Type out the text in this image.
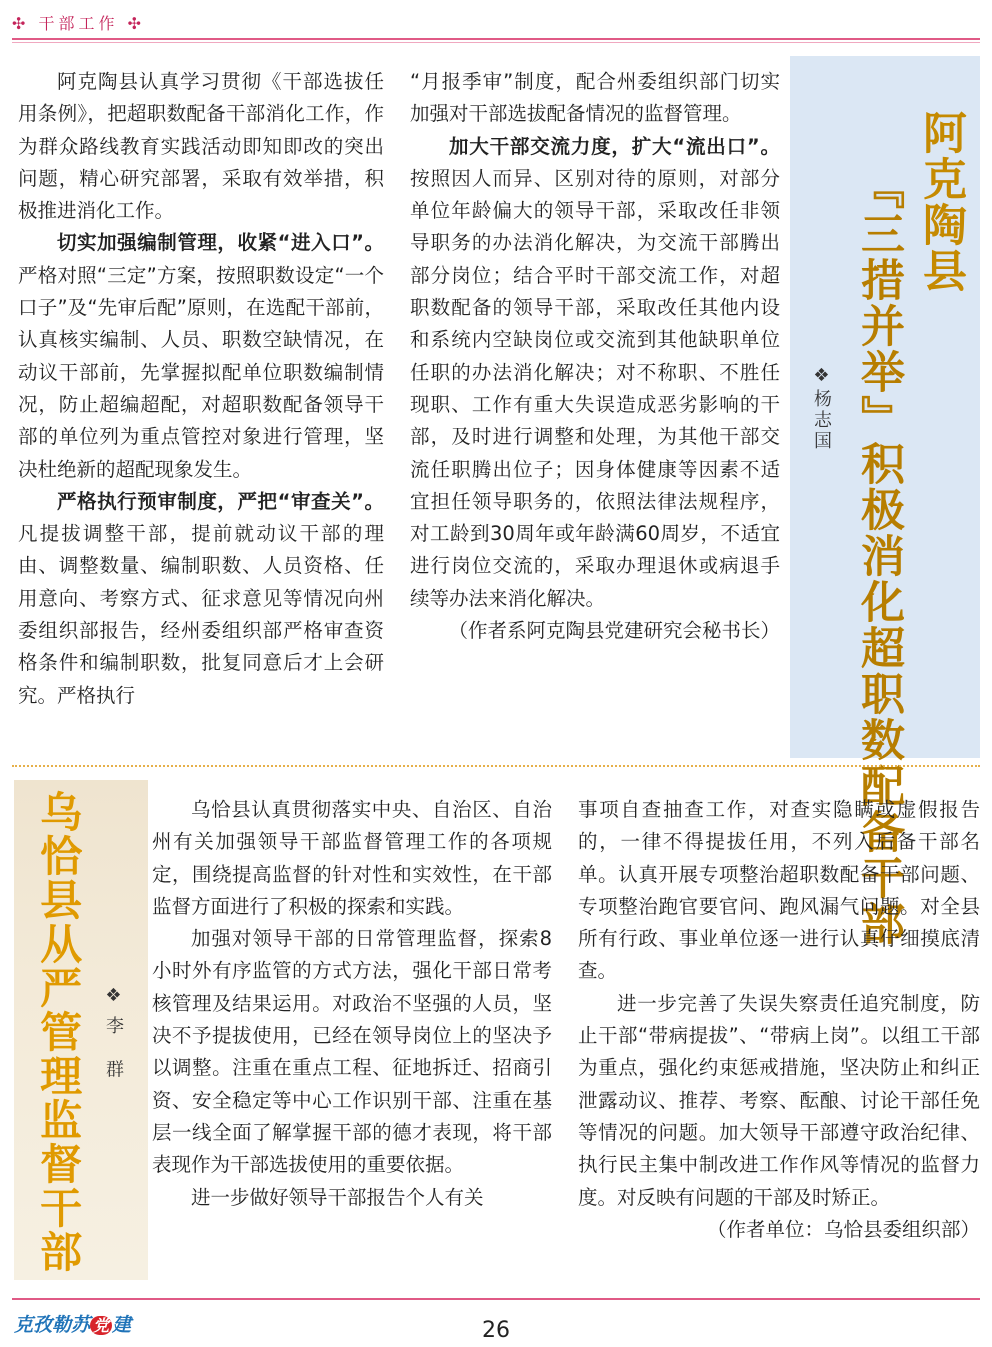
✣ 干部工作 ✣

阿克陶县认真学习贯彻《干部选拔任用条例》，把超职数配备干部消化工作，作为群众路线教育实践活动即知即改的突出问题，精心研究部署，采取有效举措，积极推进消化工作。

切实加强编制管理，收紧“进入口”。严格对照“三定”方案，按照职数设定“一个口子”及“先审后配”原则，在选配干部前，认真核实编制、人员、职数空缺情况，在动议干部前，先掌握拟配单位职数编制情况，防止超编超配，对超职数配备领导干部的单位列为重点管控对象进行管理，坚决杜绝新的超配现象发生。

严格执行预审制度，严把“审查关”。凡提拔调整干部，提前就动议干部的理由、调整数量、编制职数、人员资格、任用意向、考察方式、征求意见等情况向州委组织部报告，经州委组织部严格审查资格条件和编制职数，批复同意后才上会研究。严格执行

“月报季审”制度，配合州委组织部门切实加强对干部选拔配备情况的监督管理。

加大干部交流力度，扩大“流出口”。按照因人而异、区别对待的原则，对部分单位年龄偏大的领导干部，采取改任非领导职务的办法消化解决，为交流干部腾出部分岗位；结合平时干部交流工作，对超职数配备的领导干部，采取改任其他内设和系统内空缺岗位或交流到其他缺职单位任职的办法消化解决；对不称职、不胜任现职、工作有重大失误造成恶劣影响的干部，及时进行调整和处理，为其他干部交流任职腾出位子；因身体健康等因素不适宜担任领导职务的，依照法律法规程序，对工龄到30周年或年龄满60周岁，不适宜进行岗位交流的，采取办理退休或病退手续等办法来消化解决。

（作者系阿克陶县党建研究会秘书长）

阿克陶县
『三措并举』积极消化超职数配备干部
❖杨志国
乌恰县从严管理监督干部 ❖李 群

乌恰县认真贯彻落实中央、自治区、自治州有关加强领导干部监督管理工作的各项规定，围绕提高监督的针对性和实效性，在干部监督方面进行了积极的探索和实践。

加强对领导干部的日常管理监督，探索8小时外有序监管的方式方法，强化干部日常考核管理及结果运用。对政治不坚强的人员，坚决不予提拔使用，已经在领导岗位上的坚决予以调整。注重在重点工程、征地拆迁、招商引资、安全稳定等中心工作识别干部、注重在基层一线全面了解掌握干部的德才表现，将干部表现作为干部选拔使用的重要依据。

进一步做好领导干部报告个人有关

事项自查抽查工作，对查实隐瞒或虚假报告的，一律不得提拔任用，不列入后备干部名单。认真开展专项整治超职数配备干部问题、专项整治跑官要官问、跑风漏气问题。对全县所有行政、事业单位逐一进行认真仔细摸底清查。

进一步完善了失误失察责任追究制度，防止干部“带病提拔”、“带病上岗”。以组工干部为重点，强化约束惩戒措施，坚决防止和纠正泄露动议、推荐、考察、酝酿、讨论干部任免等情况的问题。加大领导干部遵守政治纪律、执行民主集中制改进工作作风等情况的监督力度。对反映有问题的干部及时矫正。

（作者单位：乌恰县委组织部）

克孜勒苏 党 建	26
